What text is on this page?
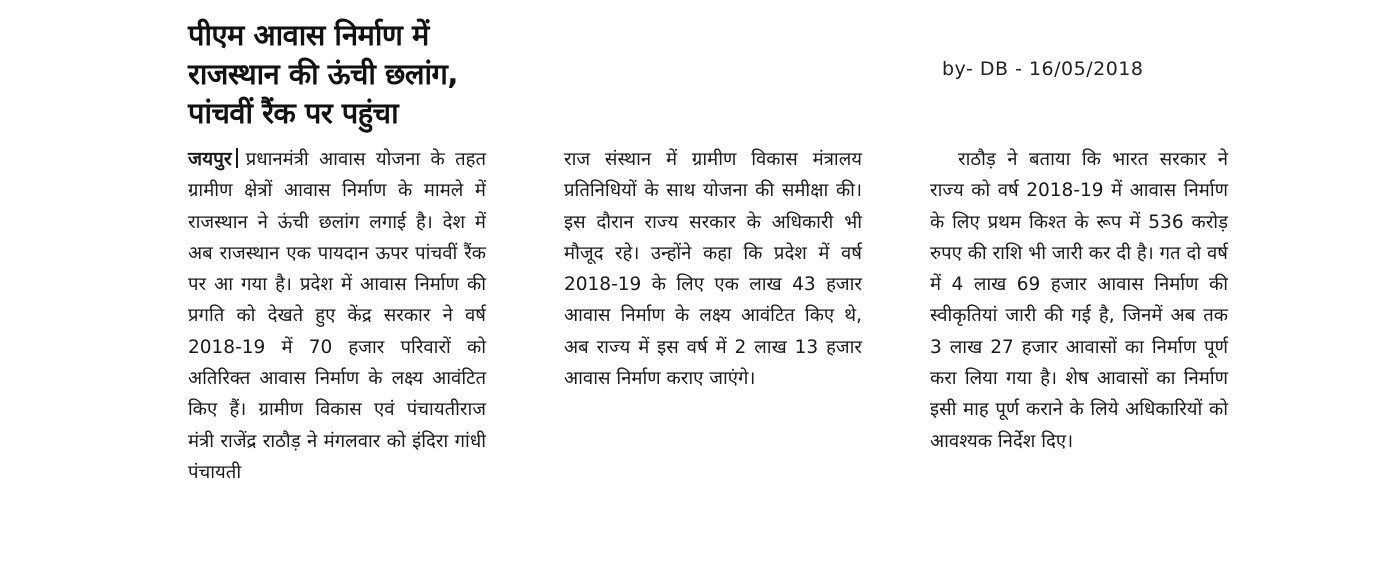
पीएम आवास निर्माण में
राजस्थान की ऊंची छलांग,
पांचवीं रैंक पर पहुंचा
by- DB - 16/05/2018

जयपुर प्रधानमंत्री आवास योजना के तहत ग्रामीण क्षेत्रों आवास निर्माण के मामले में राजस्थान ने ऊंची छलांग लगाई है। देश में अब राजस्थान एक पायदान ऊपर पांचवीं रैंक पर आ गया है। प्रदेश में आवास निर्माण की प्रगति को देखते हुए केंद्र सरकार ने वर्ष 2018-19 में 70 हजार परिवारों को अतिरिक्त आवास निर्माण के लक्ष्य आवंटित किए हैं। ग्रामीण विकास एवं पंचायतीराज मंत्री राजेंद्र राठौड़ ने मंगलवार को इंदिरा गांधी पंचायती

राज संस्थान में ग्रामीण विकास मंत्रालय प्रतिनिधियों के साथ योजना की समीक्षा की। इस दौरान राज्य सरकार के अधिकारी भी मौजूद रहे। उन्होंने कहा कि प्रदेश में वर्ष 2018-19 के लिए एक लाख 43 हजार आवास निर्माण के लक्ष्य आवंटित किए थे, अब राज्य में इस वर्ष में 2 लाख 13 हजार आवास निर्माण कराए जाएंगे।

राठौड़ ने बताया कि भारत सरकार ने राज्य को वर्ष 2018-19 में आवास निर्माण के लिए प्रथम किश्त के रूप में 536 करोड़ रुपए की राशि भी जारी कर दी है। गत दो वर्ष में 4 लाख 69 हजार आवास निर्माण की स्वीकृतियां जारी की गई है, जिनमें अब तक 3 लाख 27 हजार आवासों का निर्माण पूर्ण करा लिया गया है। शेष आवासों का निर्माण इसी माह पूर्ण कराने के लिये अधिकारियों को आवश्यक निर्देश दिए।
